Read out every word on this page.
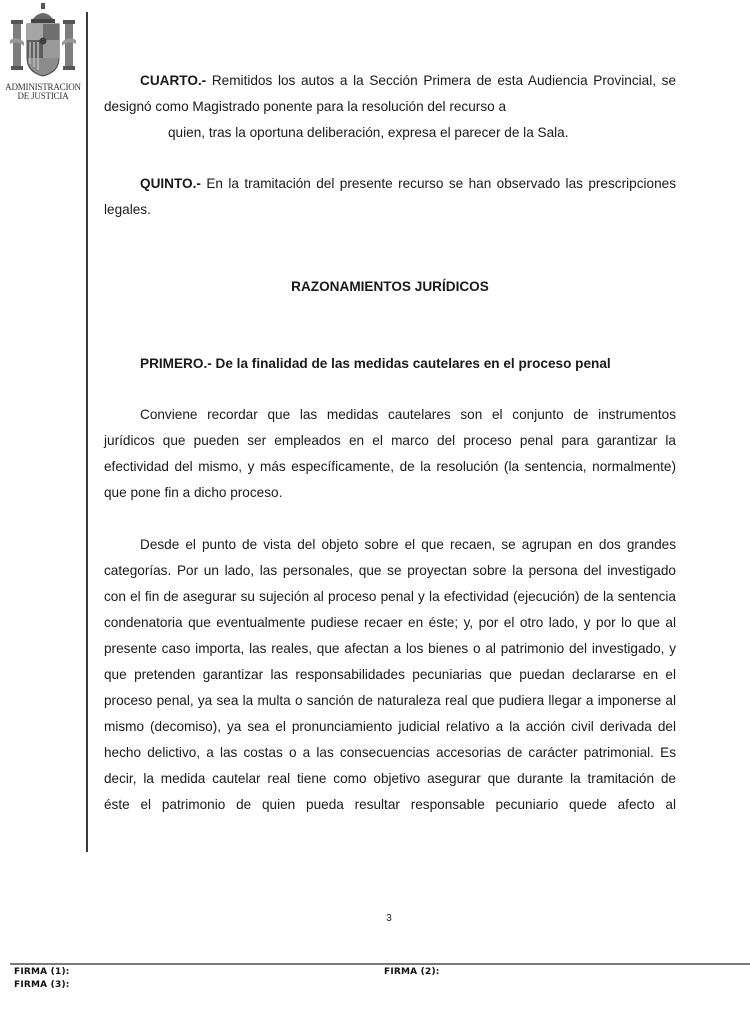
ADMINISTRACION
DE JUSTICIA
CUARTO.- Remitidos los autos a la Sección Primera de esta Audiencia Provincial, se
designó como Magistrado ponente para la resolución del recurso a
quien, tras la oportuna deliberación, expresa el parecer de la Sala.
QUINTO.- En la tramitación del presente recurso se han observado las prescripciones
legales.
RAZONAMIENTOS JURÍDICOS
PRIMERO.- De la finalidad de las medidas cautelares en el proceso penal
Conviene recordar que las medidas cautelares son el conjunto de instrumentos
jurídicos que pueden ser empleados en el marco del proceso penal para garantizar la
efectividad del mismo, y más específicamente, de la resolución (la sentencia, normalmente)
que pone fin a dicho proceso.
Desde el punto de vista del objeto sobre el que recaen, se agrupan en dos grandes
categorías. Por un lado, las personales, que se proyectan sobre la persona del investigado
con el fin de asegurar su sujeción al proceso penal y la efectividad (ejecución) de la sentencia
condenatoria que eventualmente pudiese recaer en éste; y, por el otro lado, y por lo que al
presente caso importa, las reales, que afectan a los bienes o al patrimonio del investigado, y
que pretenden garantizar las responsabilidades pecuniarias que puedan declararse en el
proceso penal, ya sea la multa o sanción de naturaleza real que pudiera llegar a imponerse al
mismo (decomiso), ya sea el pronunciamiento judicial relativo a la acción civil derivada del
hecho delictivo, a las costas o a las consecuencias accesorias de carácter patrimonial. Es
decir, la medida cautelar real tiene como objetivo asegurar que durante la tramitación de
éste el patrimonio de quien pueda resultar responsable pecuniario quede afecto al
3
FIRMA (1):	FIRMA (2):
FIRMA (3):
